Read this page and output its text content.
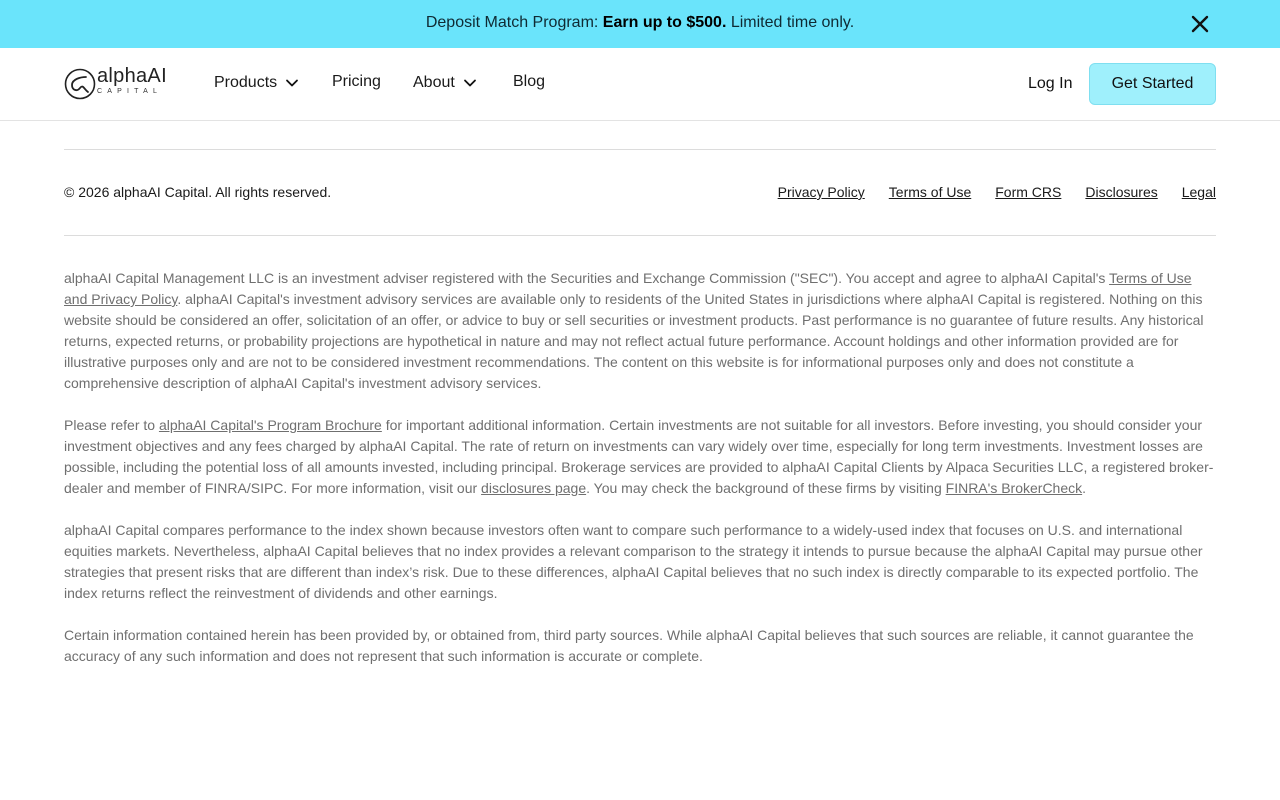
Deposit Match Program: Earn up to $500. Limited time only.
alphaAI
CAPITAL
Products	Pricing About	Blog	Log In	Get Started
© 2026 alphaAI Capital. All rights reserved.	Privacy Policy Terms of Use Form CRS Disclosures Legal

alphaAI Capital Management LLC is an investment adviser registered with the Securities and Exchange Commission ("SEC"). You accept and agree to alphaAI Capital's Terms of Use and Privacy Policy. alphaAI Capital's investment advisory services are available only to residents of the United States in jurisdictions where alphaAI Capital is registered. Nothing on this website should be considered an offer, solicitation of an offer, or advice to buy or sell securities or investment products. Past performance is no guarantee of future results. Any historical returns, expected returns, or probability projections are hypothetical in nature and may not reflect actual future performance. Account holdings and other information provided are for illustrative purposes only and are not to be considered investment recommendations. The content on this website is for informational purposes only and does not constitute a comprehensive description of alphaAI Capital's investment advisory services.

Please refer to alphaAI Capital's Program Brochure for important additional information. Certain investments are not suitable for all investors. Before investing, you should consider your investment objectives and any fees charged by alphaAI Capital. The rate of return on investments can vary widely over time, especially for long term investments. Investment losses are possible, including the potential loss of all amounts invested, including principal. Brokerage services are provided to alphaAI Capital Clients by Alpaca Securities LLC, a registered broker-dealer and member of FINRA/SIPC. For more information, visit our disclosures page. You may check the background of these firms by visiting FINRA's BrokerCheck.

alphaAI Capital compares performance to the index shown because investors often want to compare such performance to a widely-used index that focuses on U.S. and international equities markets. Nevertheless, alphaAI Capital believes that no index provides a relevant comparison to the strategy it intends to pursue because the alphaAI Capital may pursue other strategies that present risks that are different than index’s risk. Due to these differences, alphaAI Capital believes that no such index is directly comparable to its expected portfolio. The index returns reflect the reinvestment of dividends and other earnings.

Certain information contained herein has been provided by, or obtained from, third party sources. While alphaAI Capital believes that such sources are reliable, it cannot guarantee the accuracy of any such information and does not represent that such information is accurate or complete.
